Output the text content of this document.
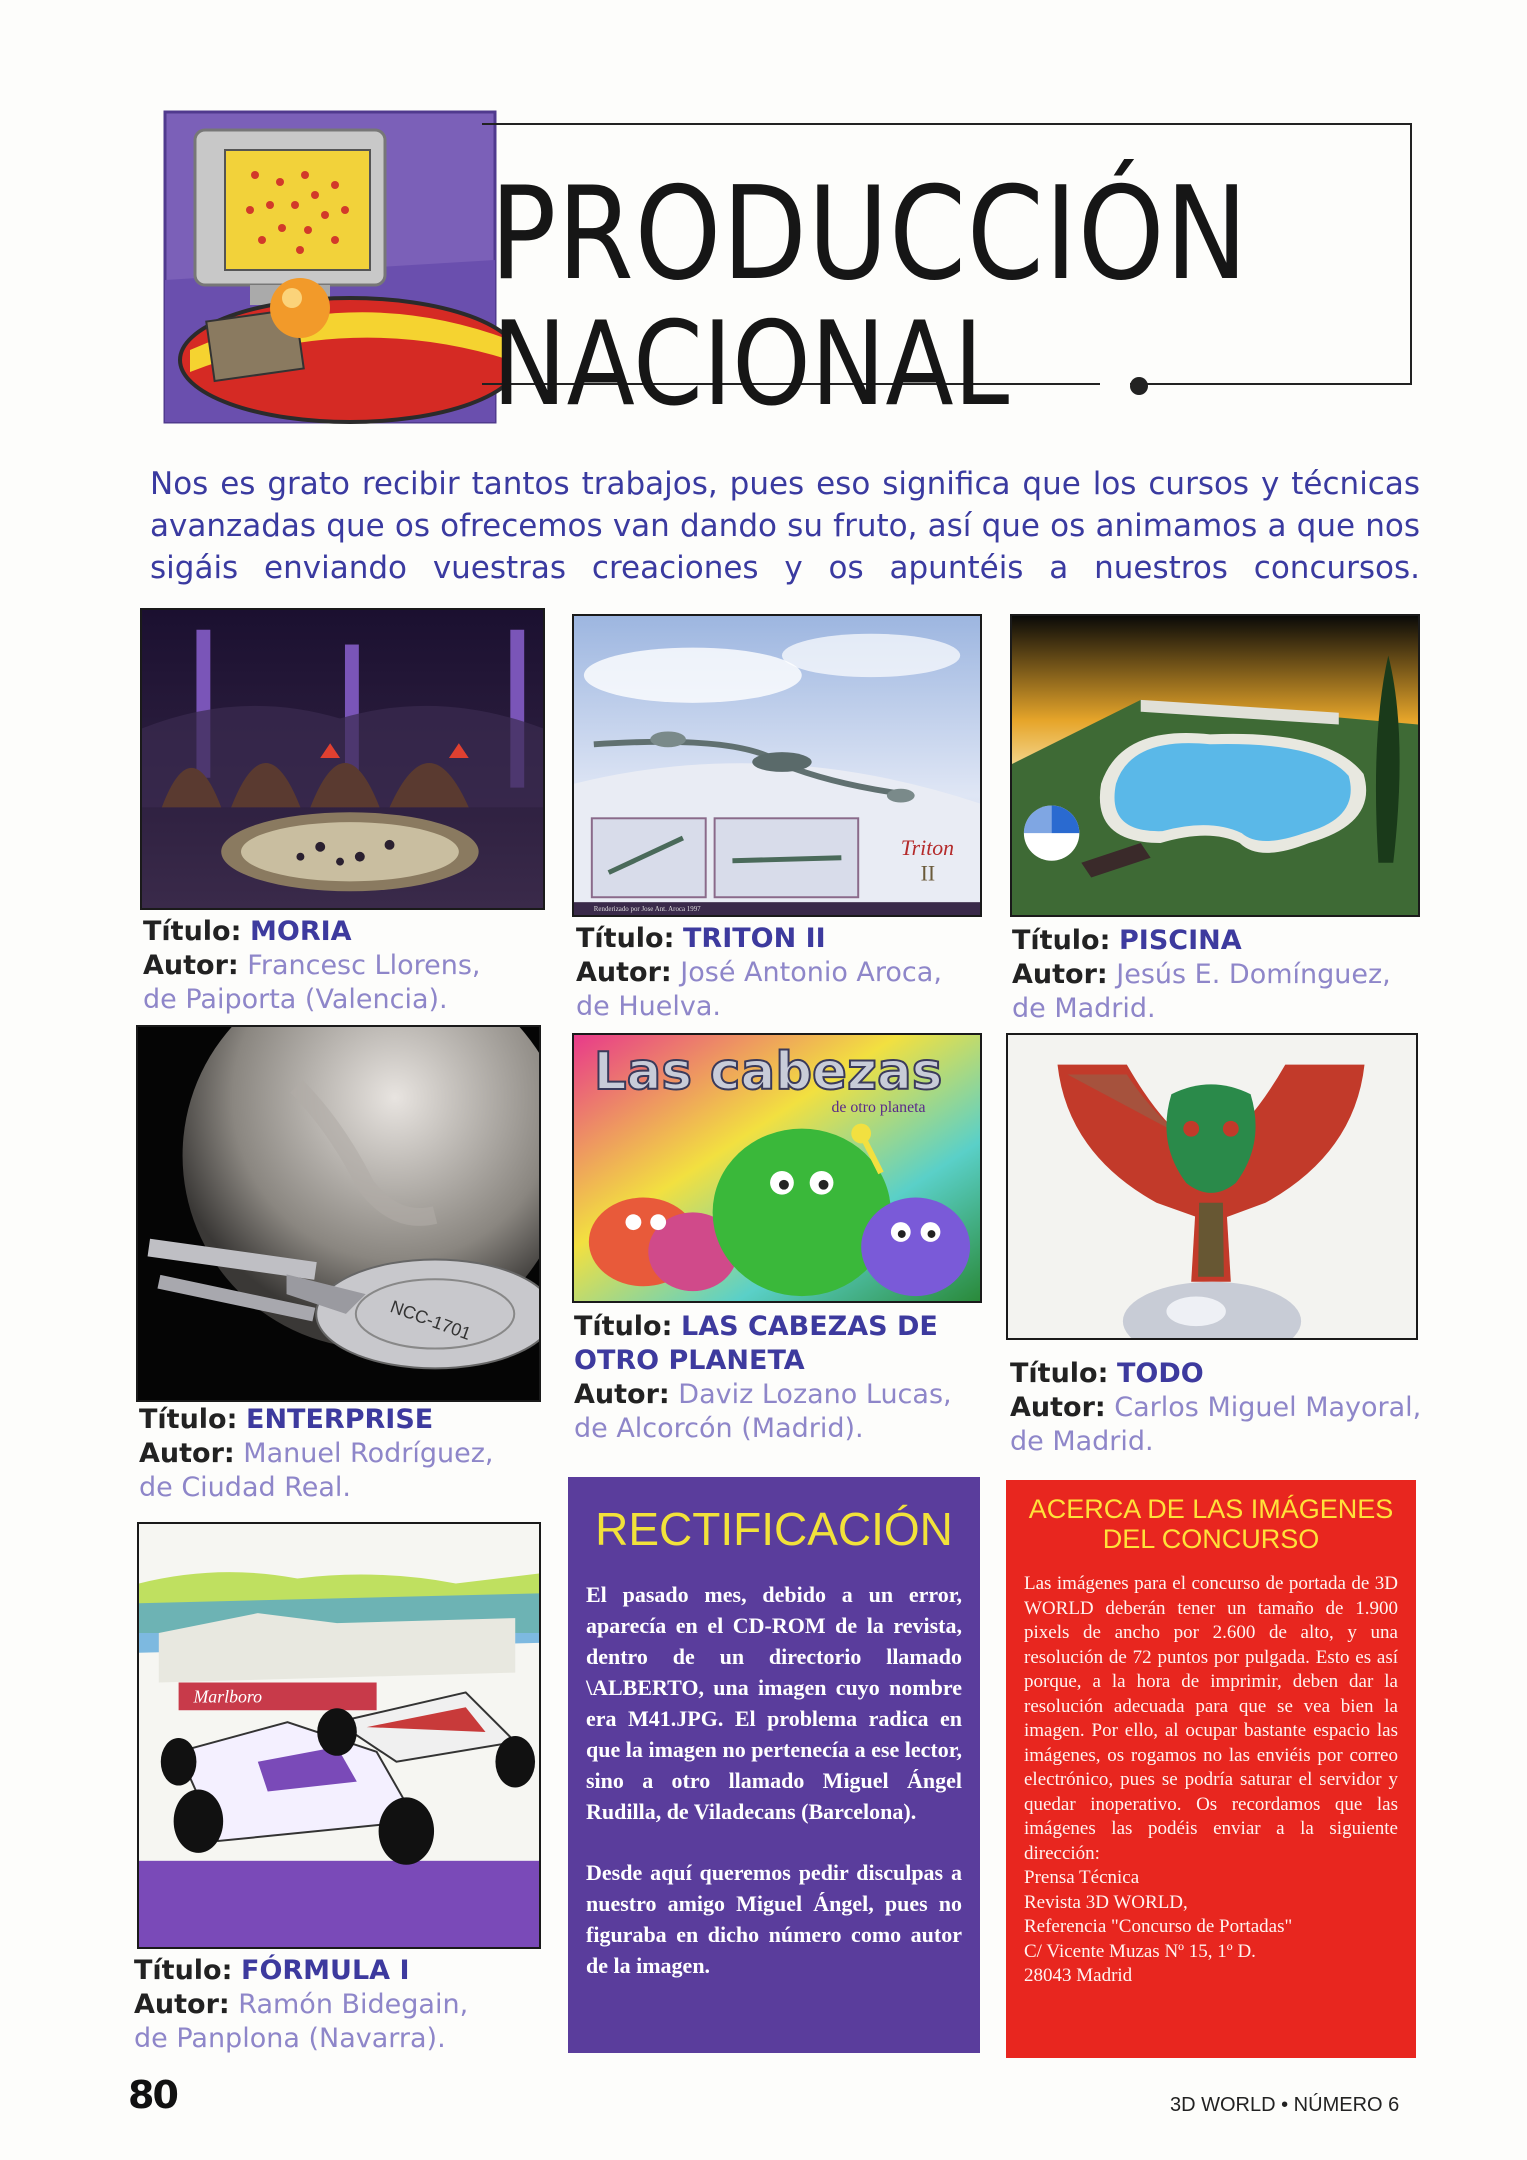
PRODUCCIÓN
NACIONAL
Nos es grato recibir tantos trabajos, pues eso significa que los cursos y técnicas avanzadas que os ofrecemos van dando su fruto, así que os animamos a que nos sigáis enviando vuestras creaciones y os apuntéis a nuestros concursos.
Triton
II
Renderizado por Jose Ant. Aroca 1997
Título: MORIA
Autor: Francesc Llorens,
de Paiporta (Valencia).
Título: TRITON II
Autor: José Antonio Aroca,
de Huelva.
Título: PISCINA
Autor: Jesús E. Domínguez,
de Madrid.
NCC-1701
Las cabezas
de otro planeta
Título: ENTERPRISE
Autor: Manuel Rodríguez,
de Ciudad Real.
Título: LAS CABEZAS DE
OTRO PLANETA
Autor: Daviz Lozano Lucas,
de Alcorcón (Madrid).
Título: TODO
Autor: Carlos Miguel Mayoral,
de Madrid.
Marlboro
Título: FÓRMULA I
Autor: Ramón Bidegain,
de Panplona (Navarra).
RECTIFICACIÓN
El pasado mes, debido a un error, aparecía en el CD-ROM de la revista, dentro de un directorio llamado \ALBERTO, una imagen cuyo nombre era M41.JPG. El problema radica en que la imagen no pertenecía a ese lector, sino a otro llamado Miguel Ángel Rudilla, de Viladecans (Barcelona).
Desde aquí queremos pedir disculpas a nuestro amigo Miguel Ángel, pues no figuraba en dicho número como autor de la imagen.
ACERCA DE LAS IMÁGENES
DEL CONCURSO
Las imágenes para el concurso de portada de 3D WORLD deberán tener un tamaño de 1.900 pixels de ancho por 2.600 de alto, y una resolución de 72 puntos por pulgada. Esto es así porque, a la hora de imprimir, deben dar la resolución adecuada para que se vea bien la imagen. Por ello, al ocupar bastante espacio las imágenes, os rogamos no las enviéis por correo electrónico, pues se podría saturar el servidor y quedar inoperativo. Os recordamos que las imágenes las podéis enviar a la siguiente dirección:
Prensa Técnica
Revista 3D WORLD,
Referencia "Concurso de Portadas"
C/ Vicente Muzas Nº 15, 1º D.
28043 Madrid
80	3D WORLD • NÚMERO 6
